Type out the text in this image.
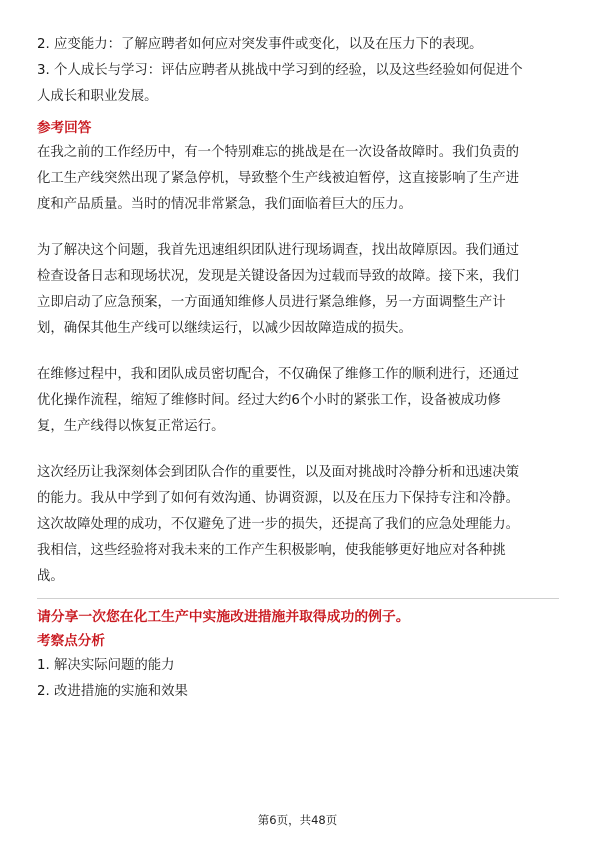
2. 应变能力：了解应聘者如何应对突发事件或变化，以及在压力下的表现。

3. 个人成长与学习：评估应聘者从挑战中学习到的经验，以及这些经验如何促进个

人成长和职业发展。

参考回答

在我之前的工作经历中，有一个特别难忘的挑战是在一次设备故障时。我们负责的

化工生产线突然出现了紧急停机，导致整个生产线被迫暂停，这直接影响了生产进

度和产品质量。当时的情况非常紧急，我们面临着巨大的压力。

为了解决这个问题，我首先迅速组织团队进行现场调查，找出故障原因。我们通过

检查设备日志和现场状况，发现是关键设备因为过载而导致的故障。接下来，我们

立即启动了应急预案，一方面通知维修人员进行紧急维修，另一方面调整生产计

划，确保其他生产线可以继续运行，以减少因故障造成的损失。

在维修过程中，我和团队成员密切配合，不仅确保了维修工作的顺利进行，还通过

优化操作流程，缩短了维修时间。经过大约6个小时的紧张工作，设备被成功修

复，生产线得以恢复正常运行。

这次经历让我深刻体会到团队合作的重要性，以及面对挑战时冷静分析和迅速决策

的能力。我从中学到了如何有效沟通、协调资源，以及在压力下保持专注和冷静。

这次故障处理的成功，不仅避免了进一步的损失，还提高了我们的应急处理能力。

我相信，这些经验将对我未来的工作产生积极影响，使我能够更好地应对各种挑

战。

请分享一次您在化工生产中实施改进措施并取得成功的例子。

考察点分析

1. 解决实际问题的能力

2. 改进措施的实施和效果

第6页，共48页
